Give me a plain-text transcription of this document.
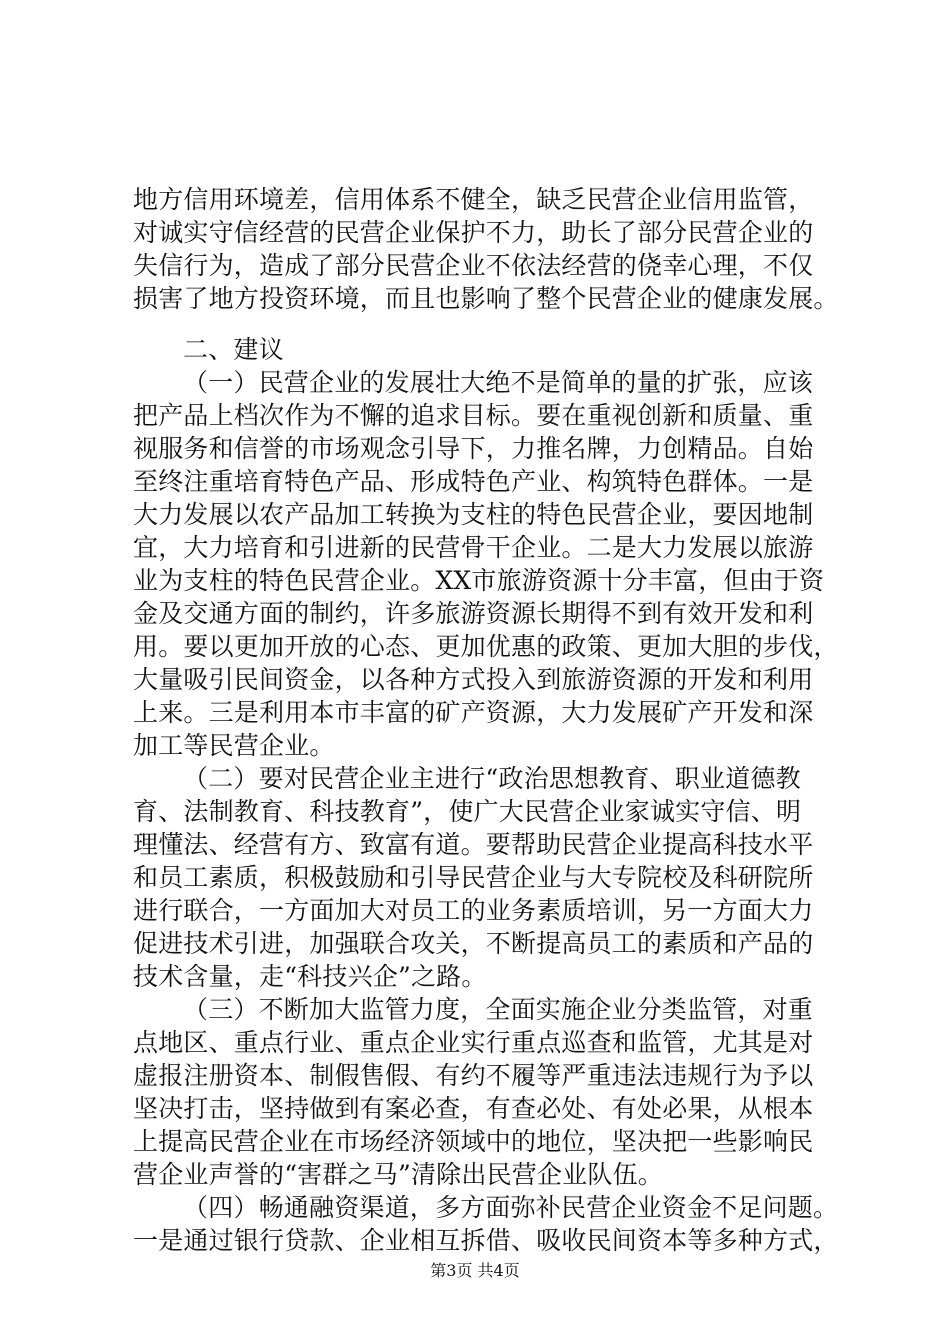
地方信用环境差，信用体系不健全，缺乏民营企业信用监管，
对诚实守信经营的民营企业保护不力，助长了部分民营企业的
失信行为，造成了部分民营企业不依法经营的侥幸心理，不仅
损害了地方投资环境，而且也影响了整个民营企业的健康发展。
二、建议
（一）民营企业的发展壮大绝不是简单的量的扩张，应该
把产品上档次作为不懈的追求目标。要在重视创新和质量、重
视服务和信誉的市场观念引导下，力推名牌，力创精品。自始
至终注重培育特色产品、形成特色产业、构筑特色群体。一是
大力发展以农产品加工转换为支柱的特色民营企业，要因地制
宜，大力培育和引进新的民营骨干企业。二是大力发展以旅游
业为支柱的特色民营企业。XX市旅游资源十分丰富，但由于资
金及交通方面的制约，许多旅游资源长期得不到有效开发和利
用。要以更加开放的心态、更加优惠的政策、更加大胆的步伐，
大量吸引民间资金，以各种方式投入到旅游资源的开发和利用
上来。三是利用本市丰富的矿产资源，大力发展矿产开发和深
加工等民营企业。
（二）要对民营企业主进行“政治思想教育、职业道德教
育、法制教育、科技教育”，使广大民营企业家诚实守信、明
理懂法、经营有方、致富有道。要帮助民营企业提高科技水平
和员工素质，积极鼓励和引导民营企业与大专院校及科研院所
进行联合，一方面加大对员工的业务素质培训，另一方面大力
促进技术引进，加强联合攻关，不断提高员工的素质和产品的
技术含量，走“科技兴企”之路。
（三）不断加大监管力度，全面实施企业分类监管，对重
点地区、重点行业、重点企业实行重点巡查和监管，尤其是对
虚报注册资本、制假售假、有约不履等严重违法违规行为予以
坚决打击，坚持做到有案必查，有查必处、有处必果，从根本
上提高民营企业在市场经济领域中的地位，坚决把一些影响民
营企业声誉的“害群之马”清除出民营企业队伍。
（四）畅通融资渠道，多方面弥补民营企业资金不足问题。
一是通过银行贷款、企业相互拆借、吸收民间资本等多种方式，
第3页 共4页
